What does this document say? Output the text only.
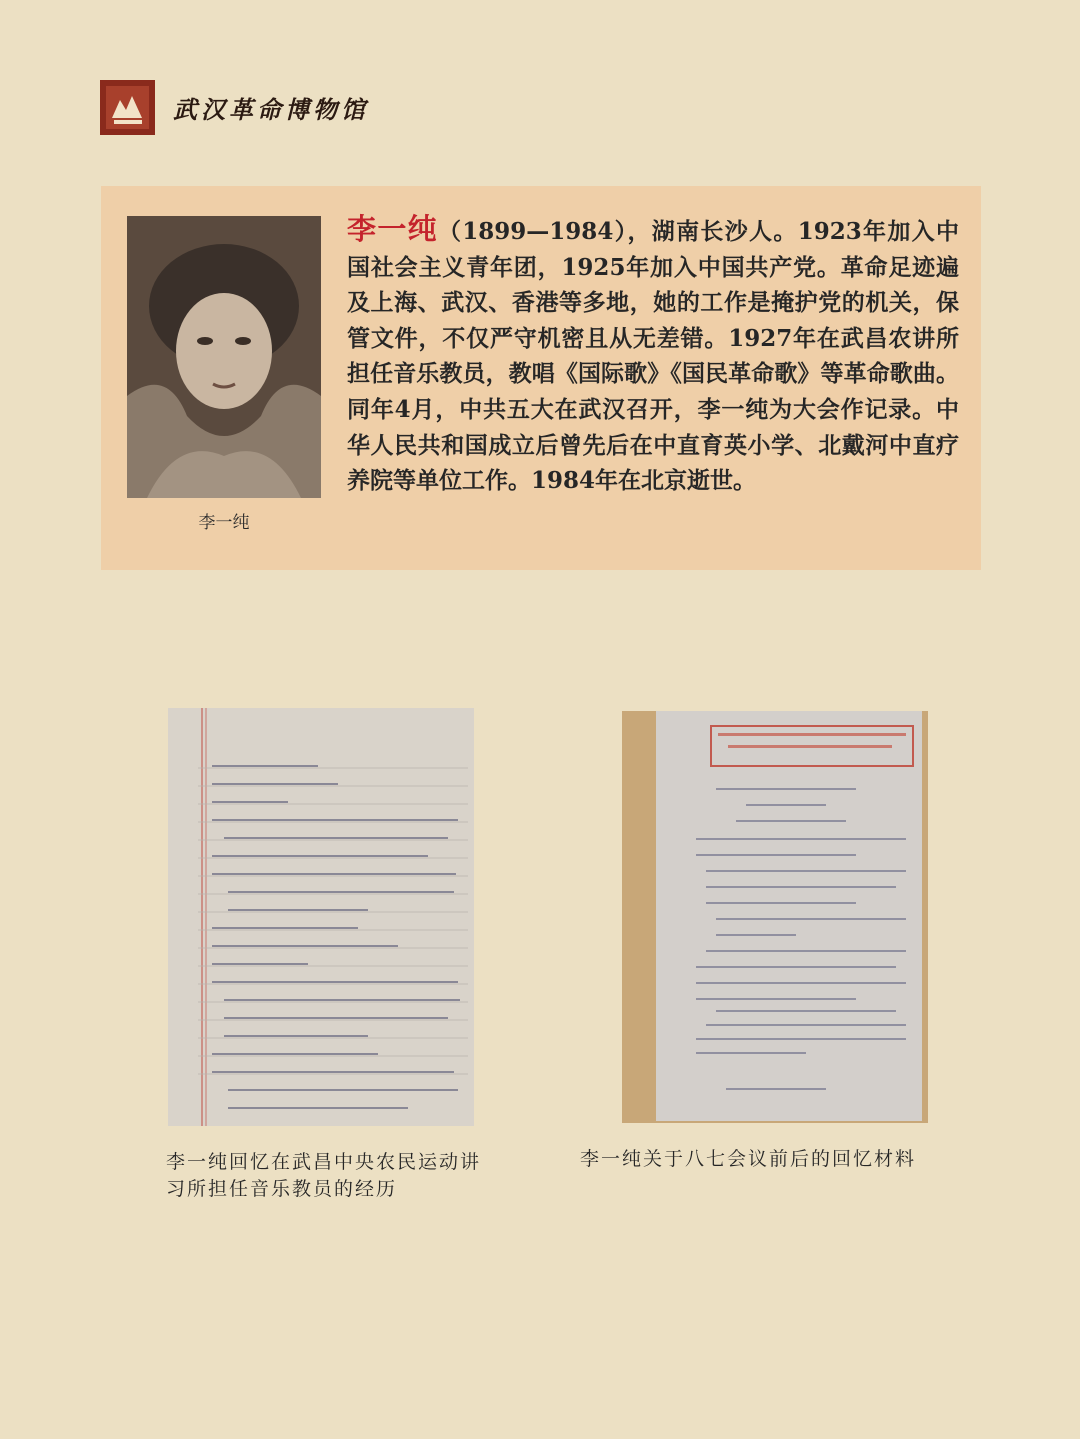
武汉革命博物馆
李一纯
李一纯（1899—1984），湖南长沙人。1923年加入中国社会主义青年团，1925年加入中国共产党。革命足迹遍及上海、武汉、香港等多地，她的工作是掩护党的机关，保管文件，不仅严守机密且从无差错。1927年在武昌农讲所担任音乐教员，教唱《国际歌》《国民革命歌》等革命歌曲。同年4月，中共五大在武汉召开，李一纯为大会作记录。中华人民共和国成立后曾先后在中直育英小学、北戴河中直疗养院等单位工作。1984年在北京逝世。
李一纯回忆在武昌中央农民运动讲习所担任音乐教员的经历
李一纯关于八七会议前后的回忆材料
